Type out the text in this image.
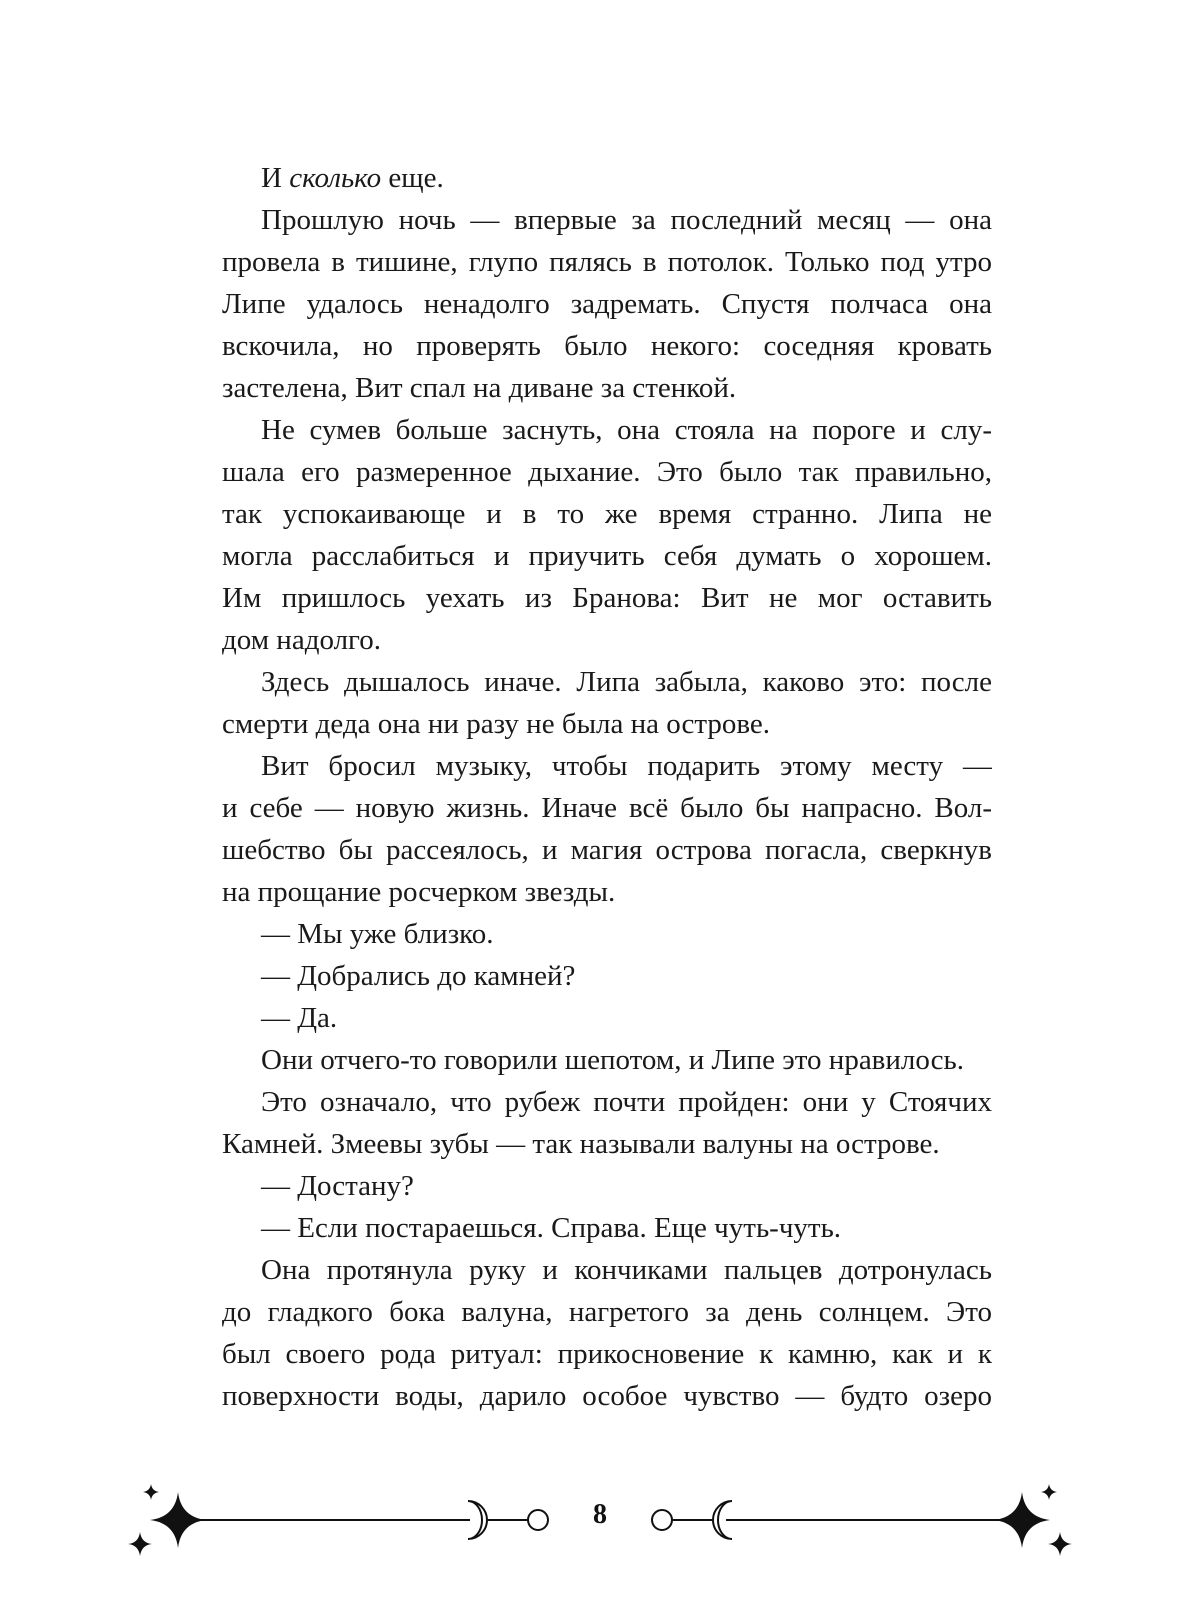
И сколько еще.
Прошлую ночь — впервые за последний месяц — она
провела в тишине, глупо пялясь в потолок. Только под утро
Липе удалось ненадолго задремать. Спустя полчаса она
вскочила, но проверять было некого: соседняя кровать
застелена, Вит спал на диване за стенкой.
Не сумев больше заснуть, она стояла на пороге и слу-
шала его размеренное дыхание. Это было так правильно,
так успокаивающе и в то же время странно. Липа не
могла расслабиться и приучить себя думать о хорошем.
Им пришлось уехать из Бранова: Вит не мог оставить
дом надолго.
Здесь дышалось иначе. Липа забыла, каково это: после
смерти деда она ни разу не была на острове.
Вит бросил музыку, чтобы подарить этому месту —
и себе — новую жизнь. Иначе всё было бы напрасно. Вол-
шебство бы рассеялось, и магия острова погасла, сверкнув
на прощание росчерком звезды.
— Мы уже близко.
— Добрались до камней?
— Да.
Они отчего-то говорили шепотом, и Липе это нравилось.
Это означало, что рубеж почти пройден: они у Стоячих
Камней. Змеевы зубы — так называли валуны на острове.
— Достану?
— Если постараешься. Справа. Еще чуть-чуть.
Она протянула руку и кончиками пальцев дотронулась
до гладкого бока валуна, нагретого за день солнцем. Это
был своего рода ритуал: прикосновение к камню, как и к
поверхности воды, дарило особое чувство — будто озеро
8
